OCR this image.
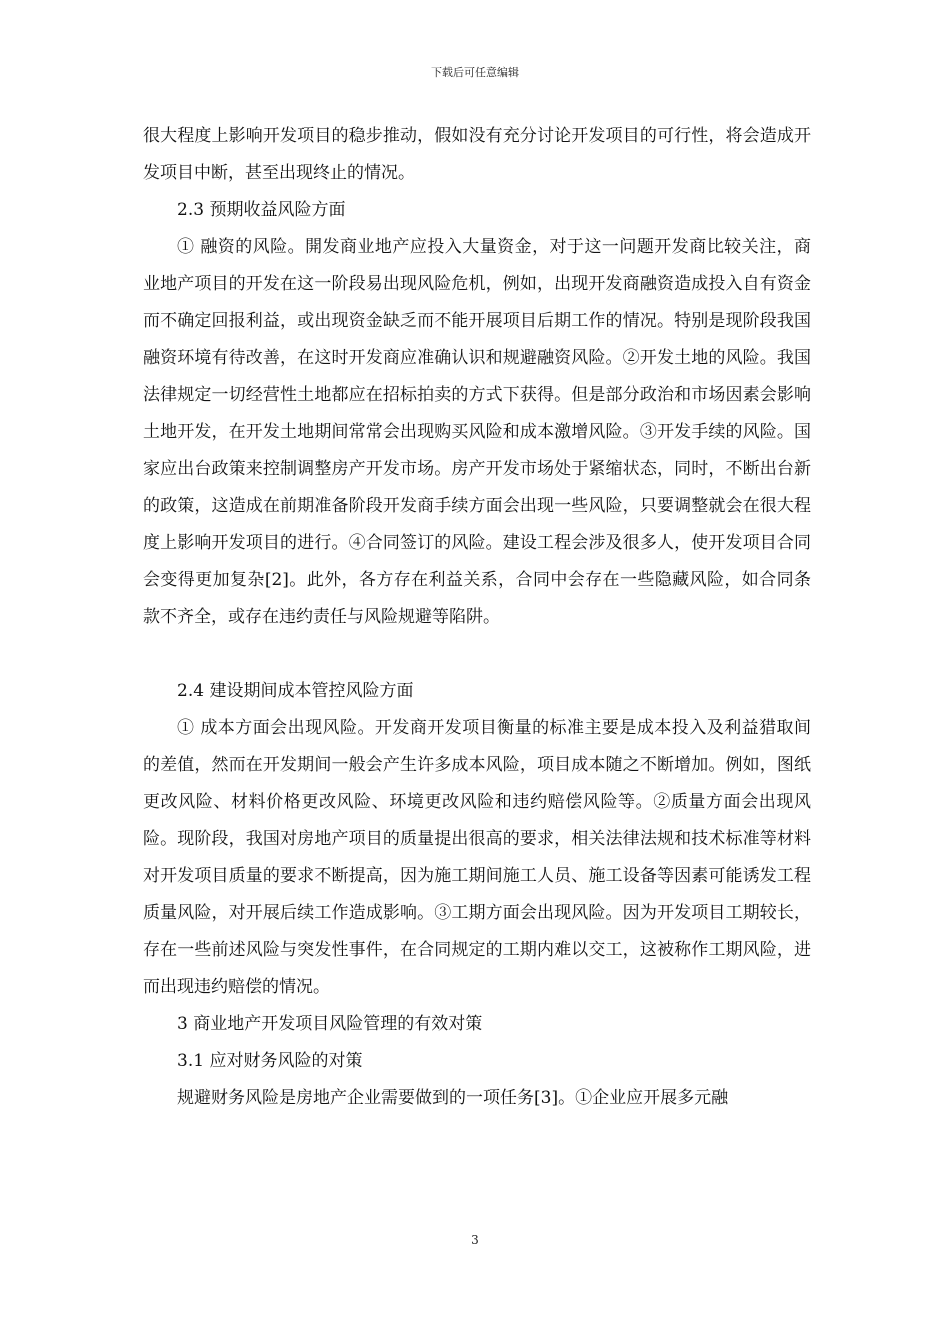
下载后可任意编辑

很大程度上影响开发项目的稳步推动，假如没有充分讨论开发项目的可行性，将会造成开发项目中断，甚至出现终止的情况。

2.3 预期收益风险方面

① 融资的风险。開发商业地产应投入大量资金，对于这一问题开发商比较关注，商业地产项目的开发在这一阶段易出现风险危机，例如，出现开发商融资造成投入自有资金而不确定回报利益，或出现资金缺乏而不能开展项目后期工作的情况。特别是现阶段我国融资环境有待改善，在这时开发商应准确认识和规避融资风险。②开发土地的风险。我国法律规定一切经营性土地都应在招标拍卖的方式下获得。但是部分政治和市场因素会影响土地开发，在开发土地期间常常会出现购买风险和成本激增风险。③开发手续的风险。国家应出台政策来控制调整房产开发市场。房产开发市场处于紧缩状态，同时，不断出台新的政策，这造成在前期准备阶段开发商手续方面会出现一些风险，只要调整就会在很大程度上影响开发项目的进行。④合同签订的风险。建设工程会涉及很多人，使开发项目合同会变得更加复杂[2]。此外，各方存在利益关系，合同中会存在一些隐藏风险，如合同条款不齐全，或存在违约责任与风险规避等陷阱。

2.4 建设期间成本管控风险方面

① 成本方面会出现风险。开发商开发项目衡量的标准主要是成本投入及利益猎取间的差值，然而在开发期间一般会产生许多成本风险，项目成本随之不断增加。例如，图纸更改风险、材料价格更改风险、环境更改风险和违约赔偿风险等。②质量方面会出现风险。现阶段，我国对房地产项目的质量提出很高的要求，相关法律法规和技术标准等材料对开发项目质量的要求不断提高，因为施工期间施工人员、施工设备等因素可能诱发工程质量风险，对开展后续工作造成影响。③工期方面会出现风险。因为开发项目工期较长，存在一些前述风险与突发性事件，在合同规定的工期内难以交工，这被称作工期风险，进而出现违约赔偿的情况。

3 商业地产开发项目风险管理的有效对策

3.1 应对财务风险的对策

规避财务风险是房地产企业需要做到的一项任务[3]。①企业应开展多元融

3
